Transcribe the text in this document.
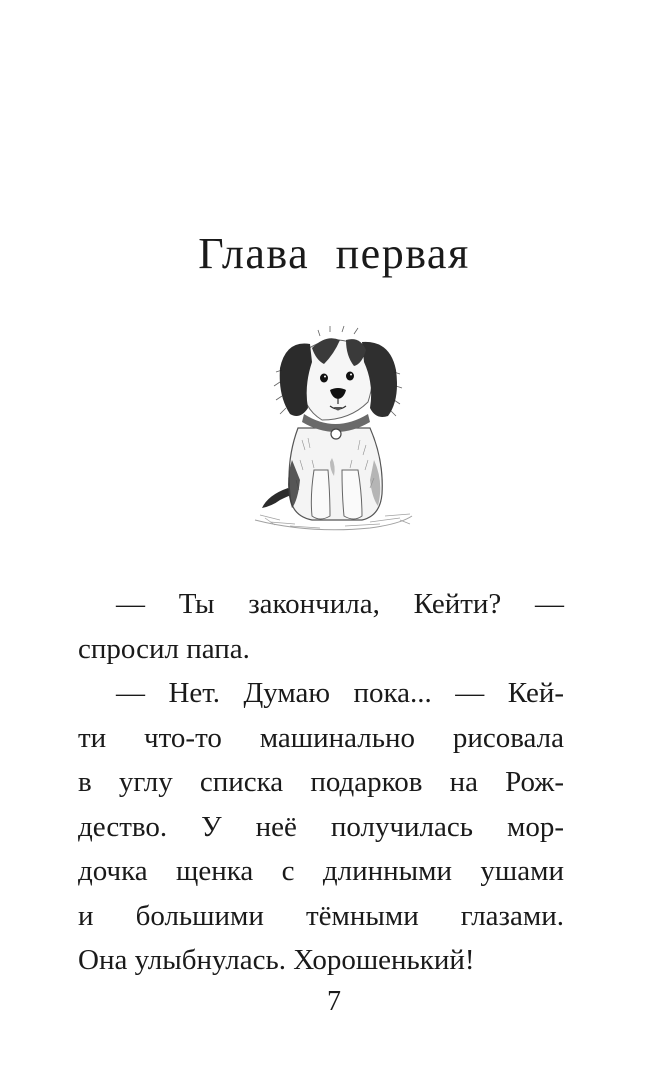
Глава первая
— Ты закончила, Кейти? —
спросил папа.
— Нет. Думаю пока... — Кей-
ти что-то машинально рисовала
в углу списка подарков на Рож-
дество. У неё получилась мор-
дочка щенка с длинными ушами
и большими тёмными глазами.
Она улыбнулась. Хорошенький!
7
